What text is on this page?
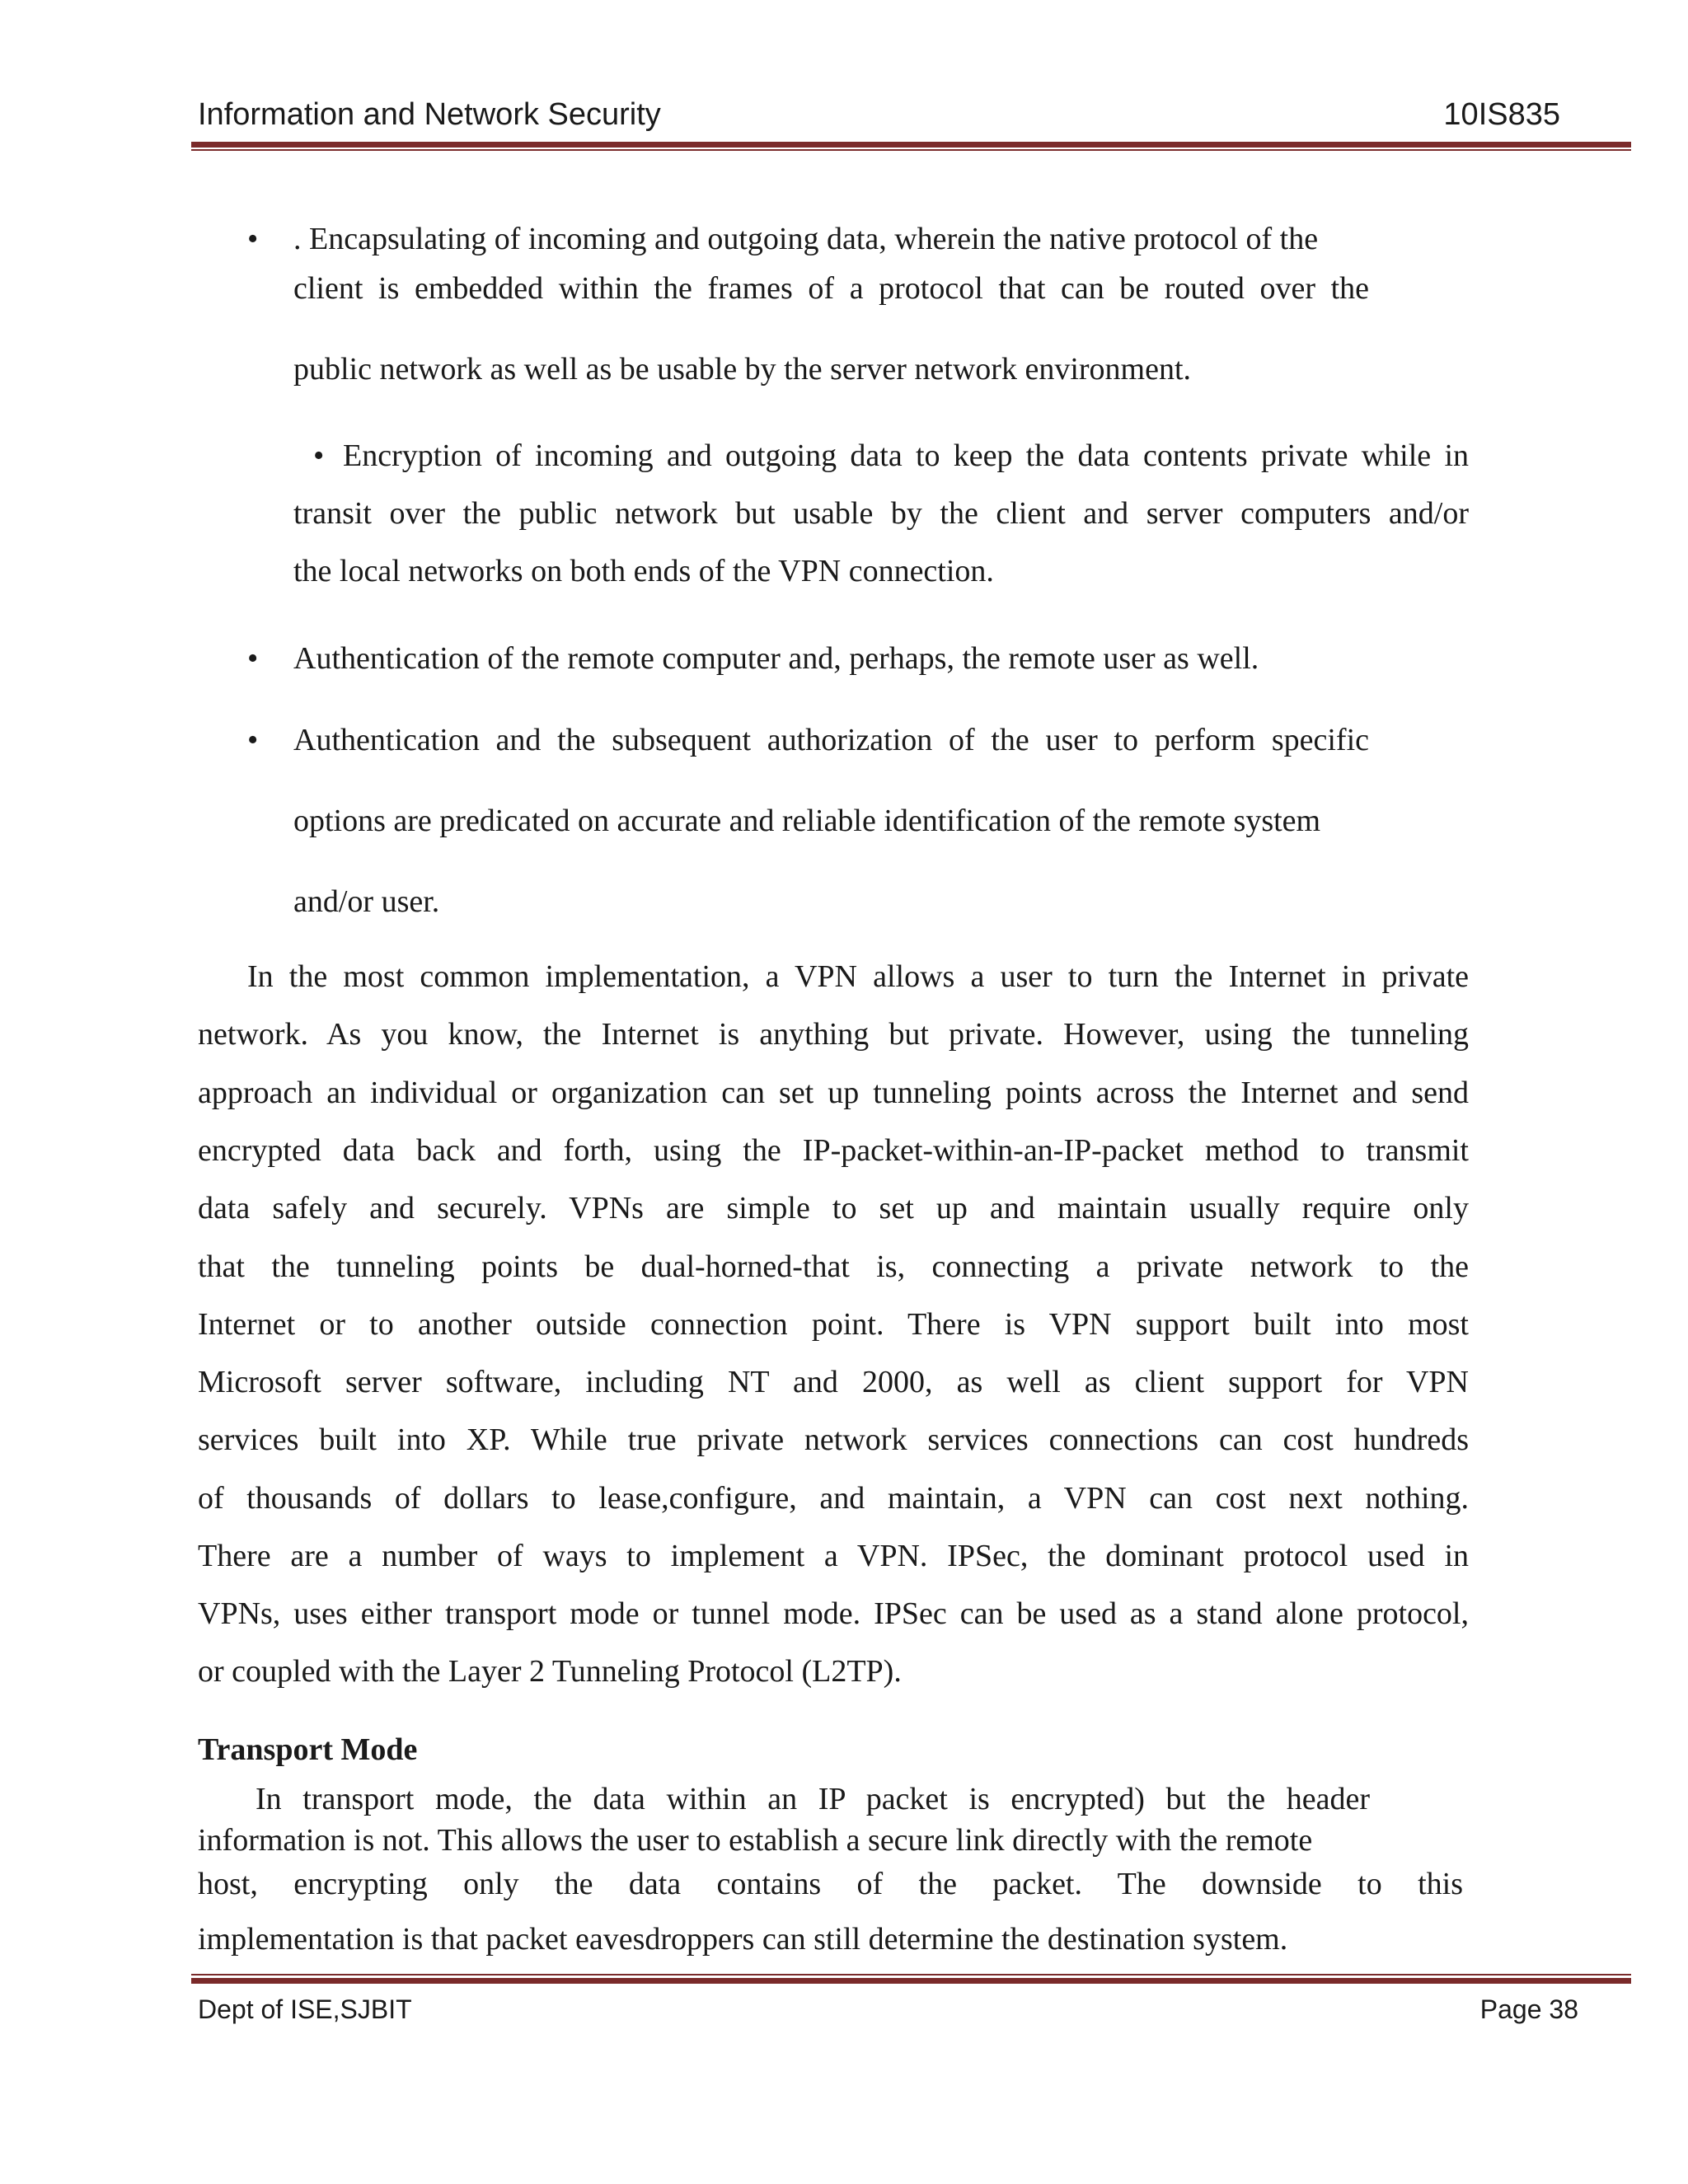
Information and Network Security	10IS835
• . Encapsulating of incoming and outgoing data, wherein the native protocol of the
client is embedded within the frames of a protocol that can be routed over the
public network as well as be usable by the server network environment.
• Encryption of incoming and outgoing data to keep the data contents private while in
transit over the public network but usable by the client and server computers and/or
the local networks on both ends of the VPN connection.
• Authentication of the remote computer and, perhaps, the remote user as well.
• Authentication and the subsequent authorization of the user to perform specific
options are predicated on accurate and reliable identification of the remote system
and/or user.
In the most common implementation, a VPN allows a user to turn the Internet in private
network. As you know, the Internet is anything but private. However, using the tunneling
approach an individual or organization can set up tunneling points across the Internet and send
encrypted data back and forth, using the IP-packet-within-an-IP-packet method to transmit
data safely and securely. VPNs are simple to set up and maintain usually require only
that the tunneling points be dual-horned-that is, connecting a private network to the
Internet or to another outside connection point. There is VPN support built into most
Microsoft server software, including NT and 2000, as well as client support for VPN
services built into XP. While true private network services connections can cost hundreds
of thousands of dollars to lease,configure, and maintain, a VPN can cost next nothing.
There are a number of ways to implement a VPN. IPSec, the dominant protocol used in
VPNs, uses either transport mode or tunnel mode. IPSec can be used as a stand alone protocol,
or coupled with the Layer 2 Tunneling Protocol (L2TP).
Transport Mode
In transport mode, the data within an IP packet is encrypted) but the header
information is not. This allows the user to establish a secure link directly with the remote
host, encrypting only the data contains of the packet. The downside to this
implementation is that packet eavesdroppers can still determine the destination system.
Dept of ISE,SJBIT	Page 38
